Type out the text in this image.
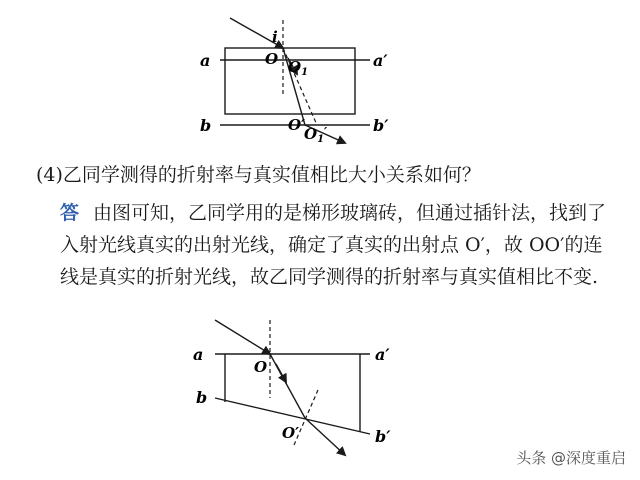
a	a′
b	b′
i
O $O_1$
O′
$O_1'$
(4)乙同学测得的折射率与真实值相比大小关系如何？
答 由图可知，乙同学用的是梯形玻璃砖，但通过插针法，找到了入射光线真实的出射光线，确定了真实的出射点 O′，故 OO′的连线是真实的折射光线，故乙同学测得的折射率与真实值相比不变.
a	a′
b
b′
O
O′
头条 @深度重启
